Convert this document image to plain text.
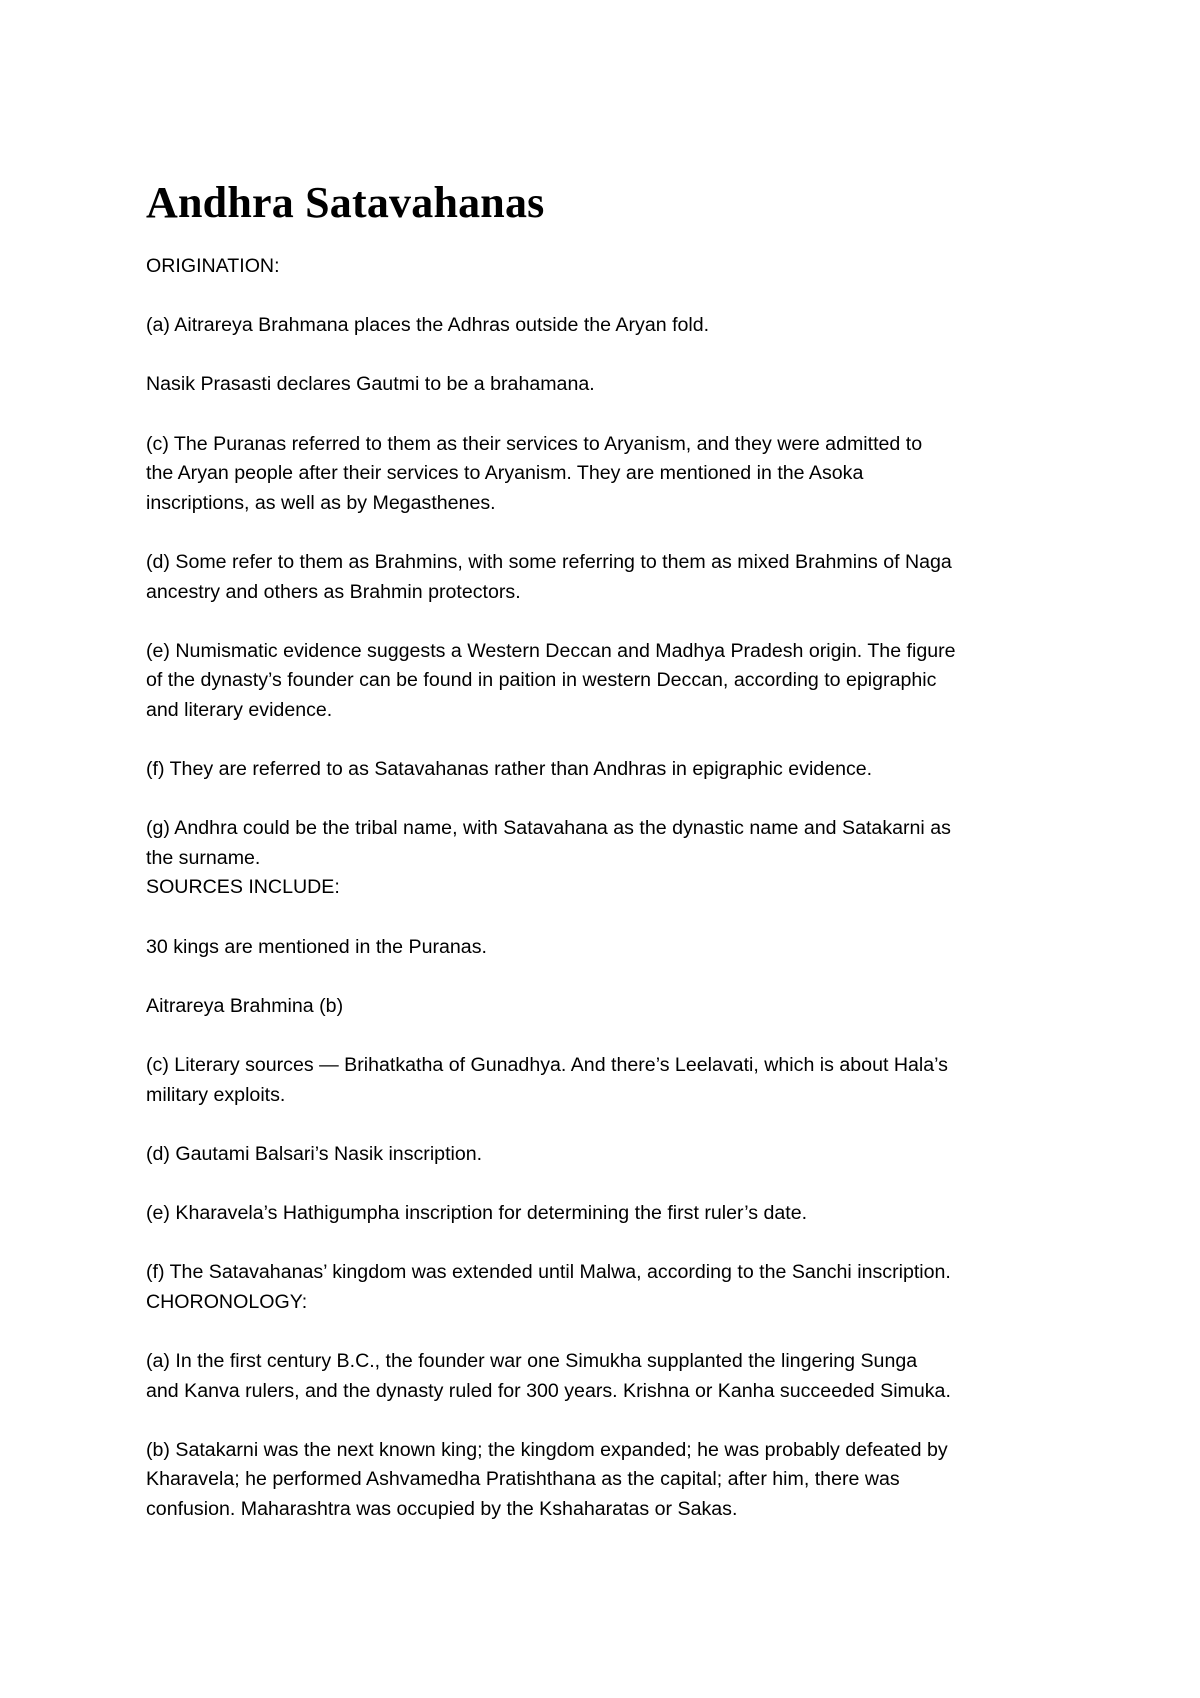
Andhra Satavahanas

ORIGINATION:

(a) Aitrareya Brahmana places the Adhras outside the Aryan fold.

Nasik Prasasti declares Gautmi to be a brahamana.

(c) The Puranas referred to them as their services to Aryanism, and they were admitted to
the Aryan people after their services to Aryanism. They are mentioned in the Asoka
inscriptions, as well as by Megasthenes.

(d) Some refer to them as Brahmins, with some referring to them as mixed Brahmins of Naga
ancestry and others as Brahmin protectors.

(e) Numismatic evidence suggests a Western Deccan and Madhya Pradesh origin. The figure
of the dynasty’s founder can be found in paition in western Deccan, according to epigraphic
and literary evidence.

(f) They are referred to as Satavahanas rather than Andhras in epigraphic evidence.

(g) Andhra could be the tribal name, with Satavahana as the dynastic name and Satakarni as
the surname.

SOURCES INCLUDE:

30 kings are mentioned in the Puranas.

Aitrareya Brahmina (b)

(c) Literary sources — Brihatkatha of Gunadhya. And there’s Leelavati, which is about Hala’s
military exploits.

(d) Gautami Balsari’s Nasik inscription.

(e) Kharavela’s Hathigumpha inscription for determining the first ruler’s date.

(f) The Satavahanas’ kingdom was extended until Malwa, according to the Sanchi inscription.

CHORONOLOGY:

(a) In the first century B.C., the founder war one Simukha supplanted the lingering Sunga
and Kanva rulers, and the dynasty ruled for 300 years. Krishna or Kanha succeeded Simuka.

(b) Satakarni was the next known king; the kingdom expanded; he was probably defeated by
Kharavela; he performed Ashvamedha Pratishthana as the capital; after him, there was
confusion. Maharashtra was occupied by the Kshaharatas or Sakas.
